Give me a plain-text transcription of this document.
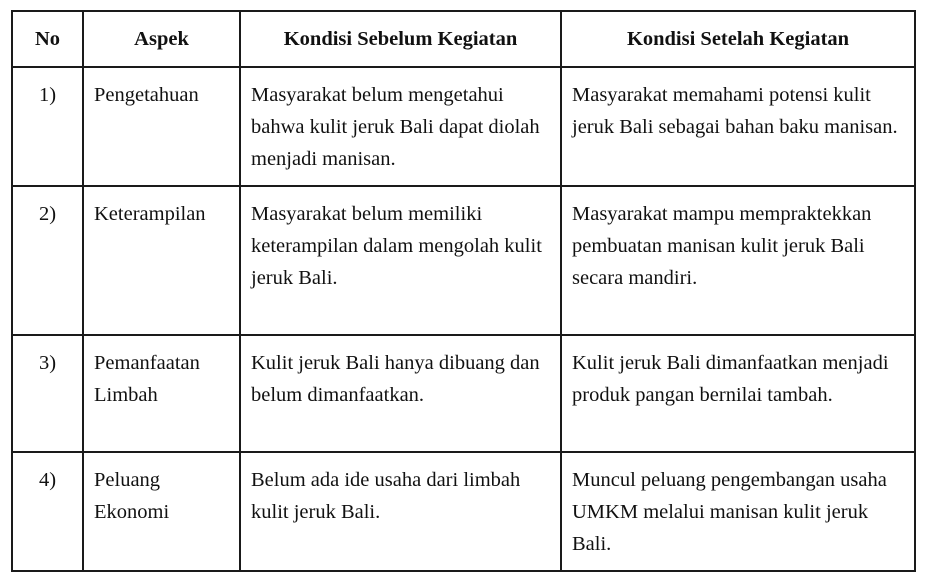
No	Aspek	Kondisi Sebelum Kegiatan	Kondisi Setelah Kegiatan
1)	Pengetahuan	Masyarakat belum mengetahui bahwa kulit jeruk Bali dapat diolah menjadi manisan.	Masyarakat memahami potensi kulit jeruk Bali sebagai bahan baku manisan.
2)	Keterampilan	Masyarakat belum memiliki keterampilan dalam mengolah kulit jeruk Bali.	Masyarakat mampu mempraktekkan pembuatan manisan kulit jeruk Bali secara mandiri.
3)	Pemanfaatan Limbah	Kulit jeruk Bali hanya dibuang dan belum dimanfaatkan.	Kulit jeruk Bali dimanfaatkan menjadi produk pangan bernilai tambah.
4)	Peluang Ekonomi	Belum ada ide usaha dari limbah kulit jeruk Bali.	Muncul peluang pengembangan usaha UMKM melalui manisan kulit jeruk Bali.
